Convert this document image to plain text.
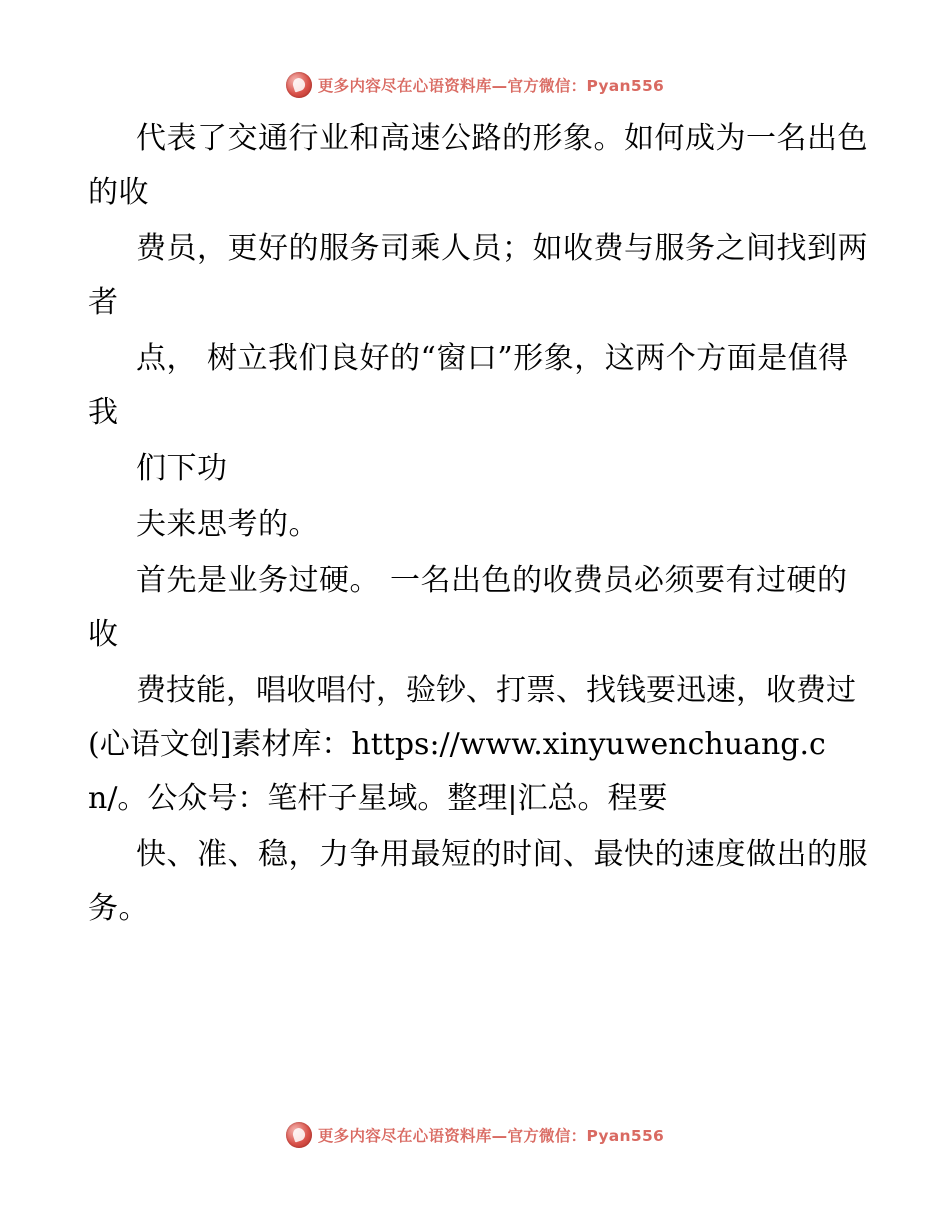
更多内容尽在心语资料库—官方微信：Pyan556

代表了交通行业和高速公路的形象。如何成为一名出色的收

费员，更好的服务司乘人员；如收费与服务之间找到两者

点， 树立我们良好的“窗口”形象，这两个方面是值得我

们下功

夫来思考的。

首先是业务过硬。 一名出色的收费员必须要有过硬的收

费技能，唱收唱付，验钞、打票、找钱要迅速，收费过 (心语文创]素材库：https://www.xinyuwenchuang.cn/。公众号：笔杆子星域。整理|汇总。程要

快、准、稳，力争用最短的时间、最快的速度做出的服务。

更多内容尽在心语资料库—官方微信：Pyan556
